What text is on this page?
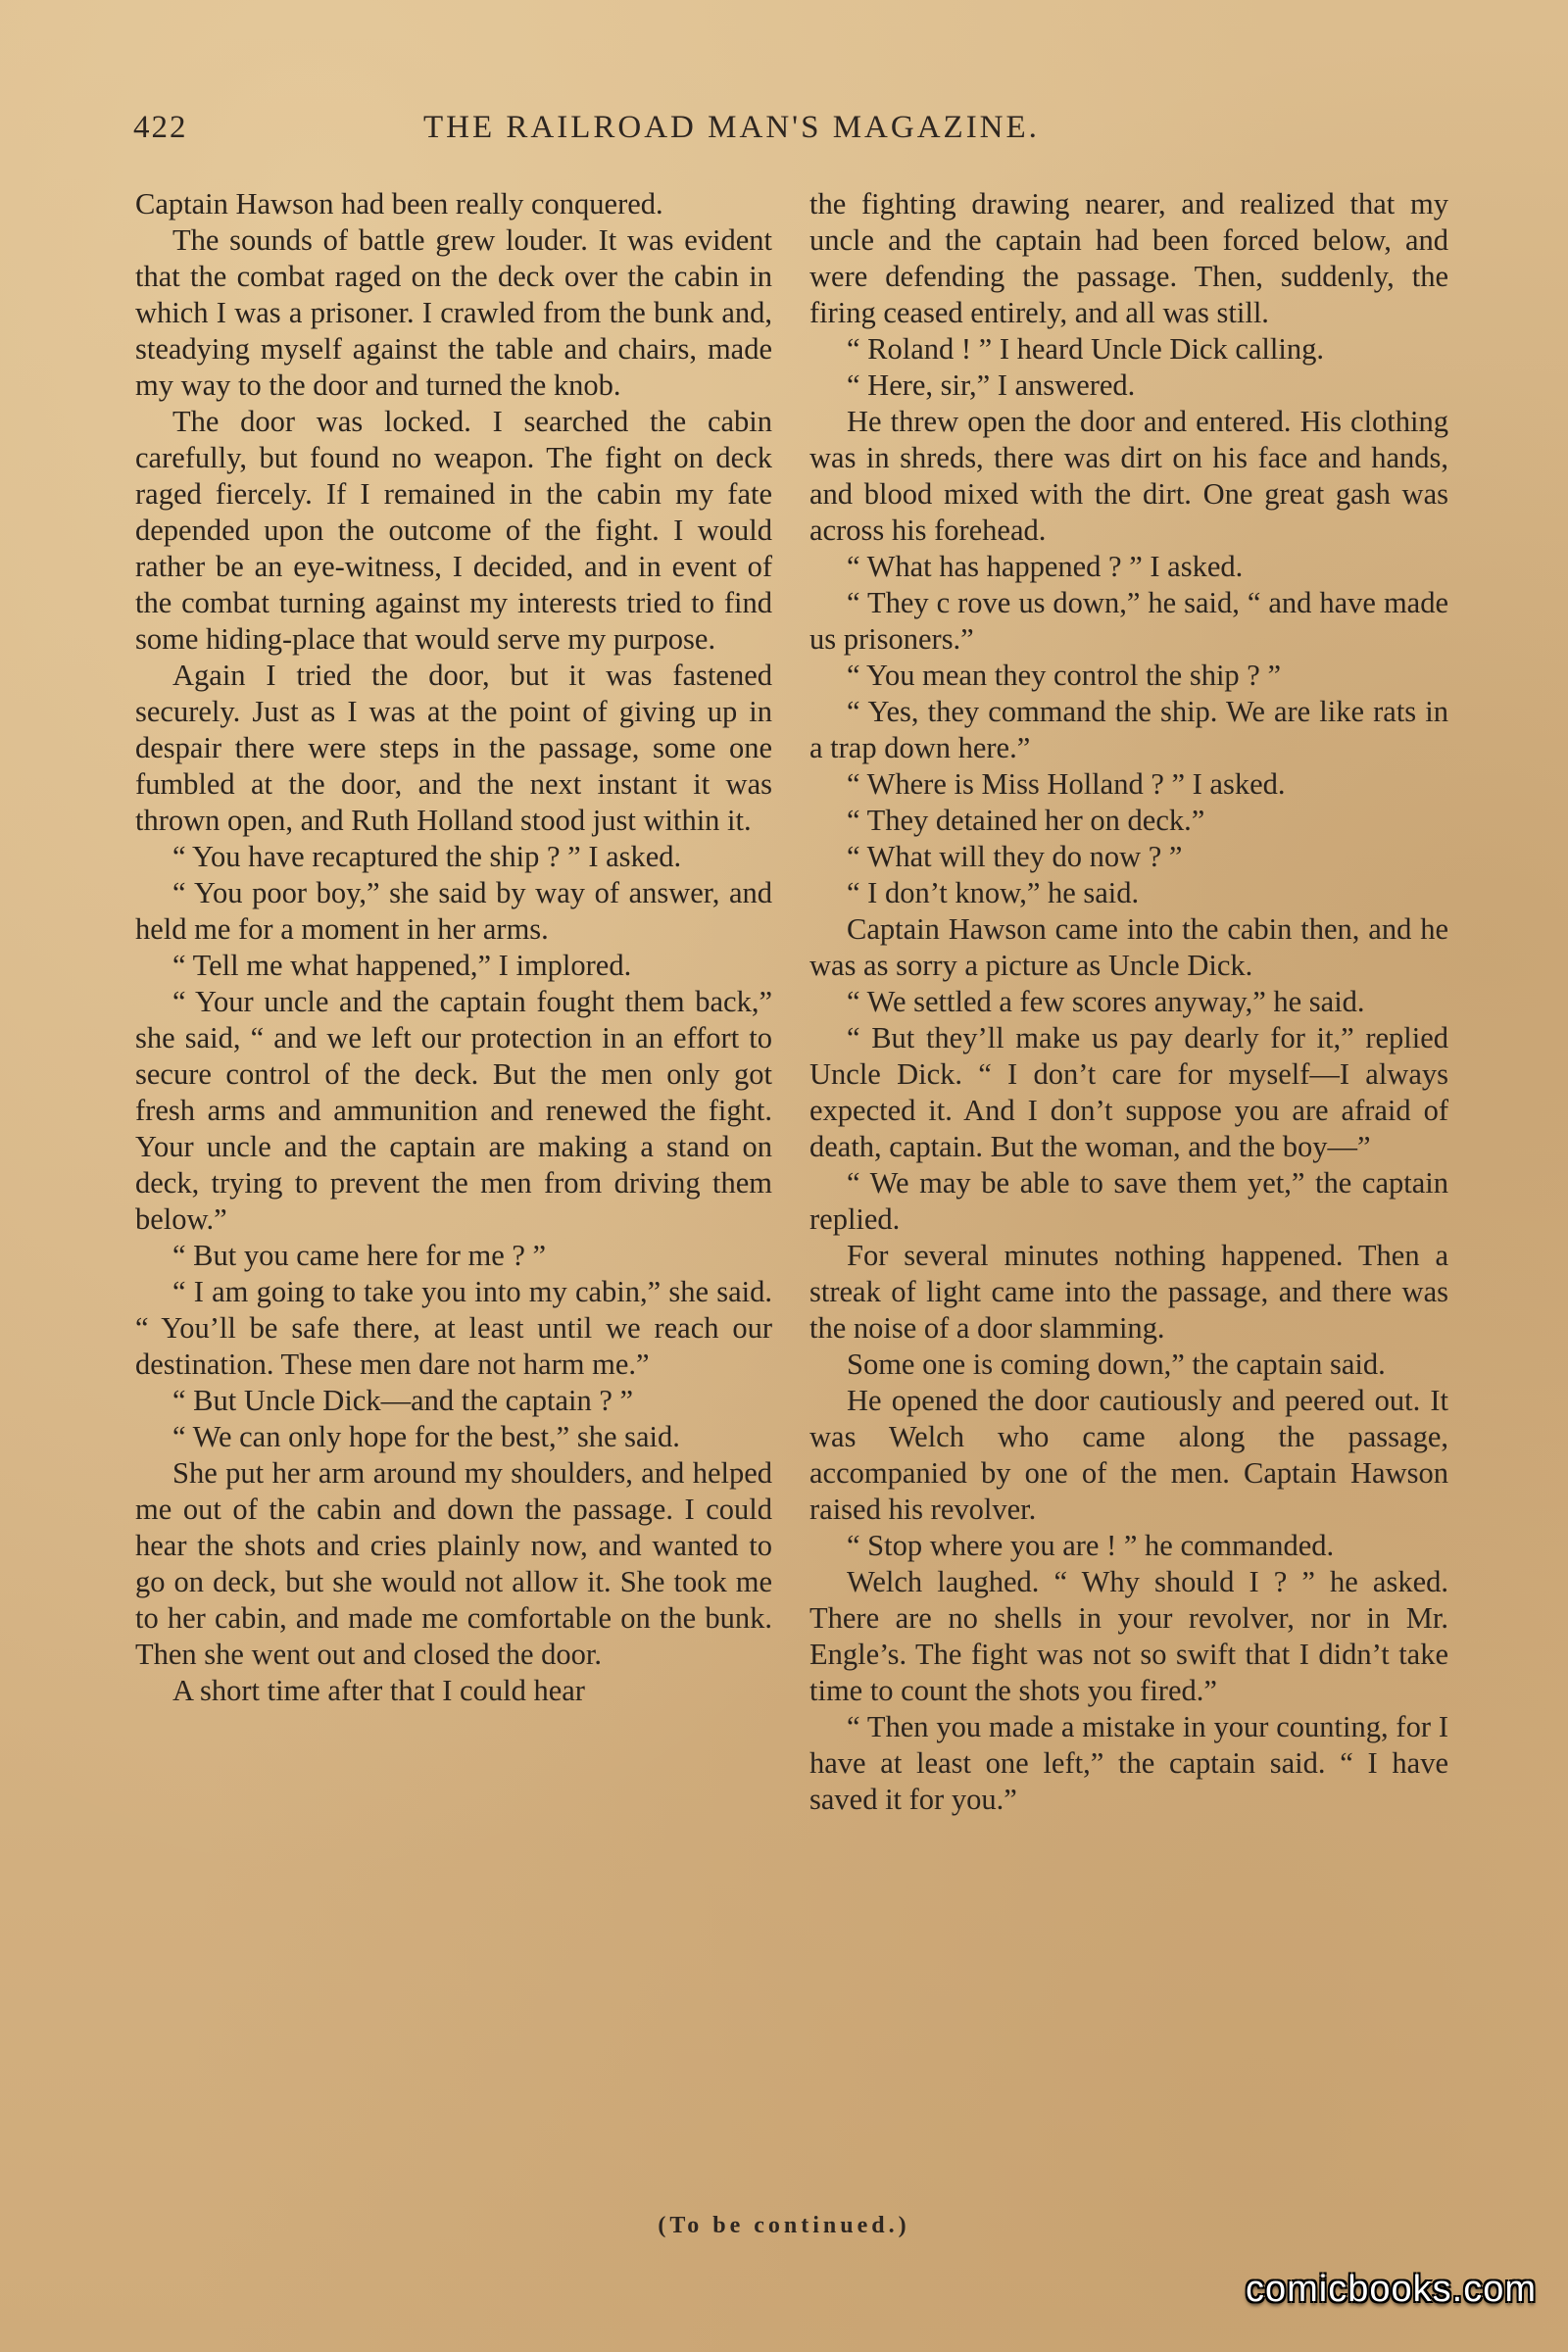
422	THE RAILROAD MAN'S MAGAZINE.

Captain Hawson had been really conquered.

The sounds of battle grew louder. It was evident that the combat raged on the deck over the cabin in which I was a prisoner. I crawled from the bunk and, steadying myself against the table and chairs, made my way to the door and turned the knob.

The door was locked. I searched the cabin carefully, but found no weapon. The fight on deck raged fiercely. If I remained in the cabin my fate depended upon the outcome of the fight. I would rather be an eye-witness, I decided, and in event of the combat turning against my interests tried to find some hiding-place that would serve my purpose.

Again I tried the door, but it was fastened securely. Just as I was at the point of giving up in despair there were steps in the passage, some one fumbled at the door, and the next instant it was thrown open, and Ruth Holland stood just within it.

“ You have recaptured the ship ? ” I asked.

“ You poor boy,” she said by way of answer, and held me for a moment in her arms.

“ Tell me what happened,” I implored.

“ Your uncle and the captain fought them back,” she said, “ and we left our protection in an effort to secure control of the deck. But the men only got fresh arms and ammunition and renewed the fight. Your uncle and the captain are making a stand on deck, trying to prevent the men from driving them below.”

“ But you came here for me ? ”

“ I am going to take you into my cabin,” she said. “ You’ll be safe there, at least until we reach our destination. These men dare not harm me.”

“ But Uncle Dick—and the captain ? ”

“ We can only hope for the best,” she said.

She put her arm around my shoulders, and helped me out of the cabin and down the passage. I could hear the shots and cries plainly now, and wanted to go on deck, but she would not allow it. She took me to her cabin, and made me comfortable on the bunk. Then she went out and closed the door.

A short time after that I could hear

the fighting drawing nearer, and realized that my uncle and the captain had been forced below, and were defending the passage. Then, suddenly, the firing ceased entirely, and all was still.

“ Roland ! ” I heard Uncle Dick calling.

“ Here, sir,” I answered.

He threw open the door and entered. His clothing was in shreds, there was dirt on his face and hands, and blood mixed with the dirt. One great gash was across his forehead.

“ What has happened ? ” I asked.

“ They c rove us down,” he said, “ and have made us prisoners.”

“ You mean they control the ship ? ”

“ Yes, they command the ship. We are like rats in a trap down here.”

“ Where is Miss Holland ? ” I asked.

“ They detained her on deck.”

“ What will they do now ? ”

“ I don’t know,” he said.

Captain Hawson came into the cabin then, and he was as sorry a picture as Uncle Dick.

“ We settled a few scores anyway,” he said.

“ But they’ll make us pay dearly for it,” replied Uncle Dick. “ I don’t care for myself—I always expected it. And I don’t suppose you are afraid of death, captain. But the woman, and the boy—”

“ We may be able to save them yet,” the captain replied.

For several minutes nothing happened. Then a streak of light came into the passage, and there was the noise of a door slamming.

Some one is coming down,” the captain said.

He opened the door cautiously and peered out. It was Welch who came along the passage, accompanied by one of the men. Captain Hawson raised his revolver.

“ Stop where you are ! ” he commanded.

Welch laughed. “ Why should I ? ” he asked. There are no shells in your revolver, nor in Mr. Engle’s. The fight was not so swift that I didn’t take time to count the shots you fired.”

“ Then you made a mistake in your counting, for I have at least one left,” the captain said. “ I have saved it for you.”

(To be continued.)
comicbooks.com
